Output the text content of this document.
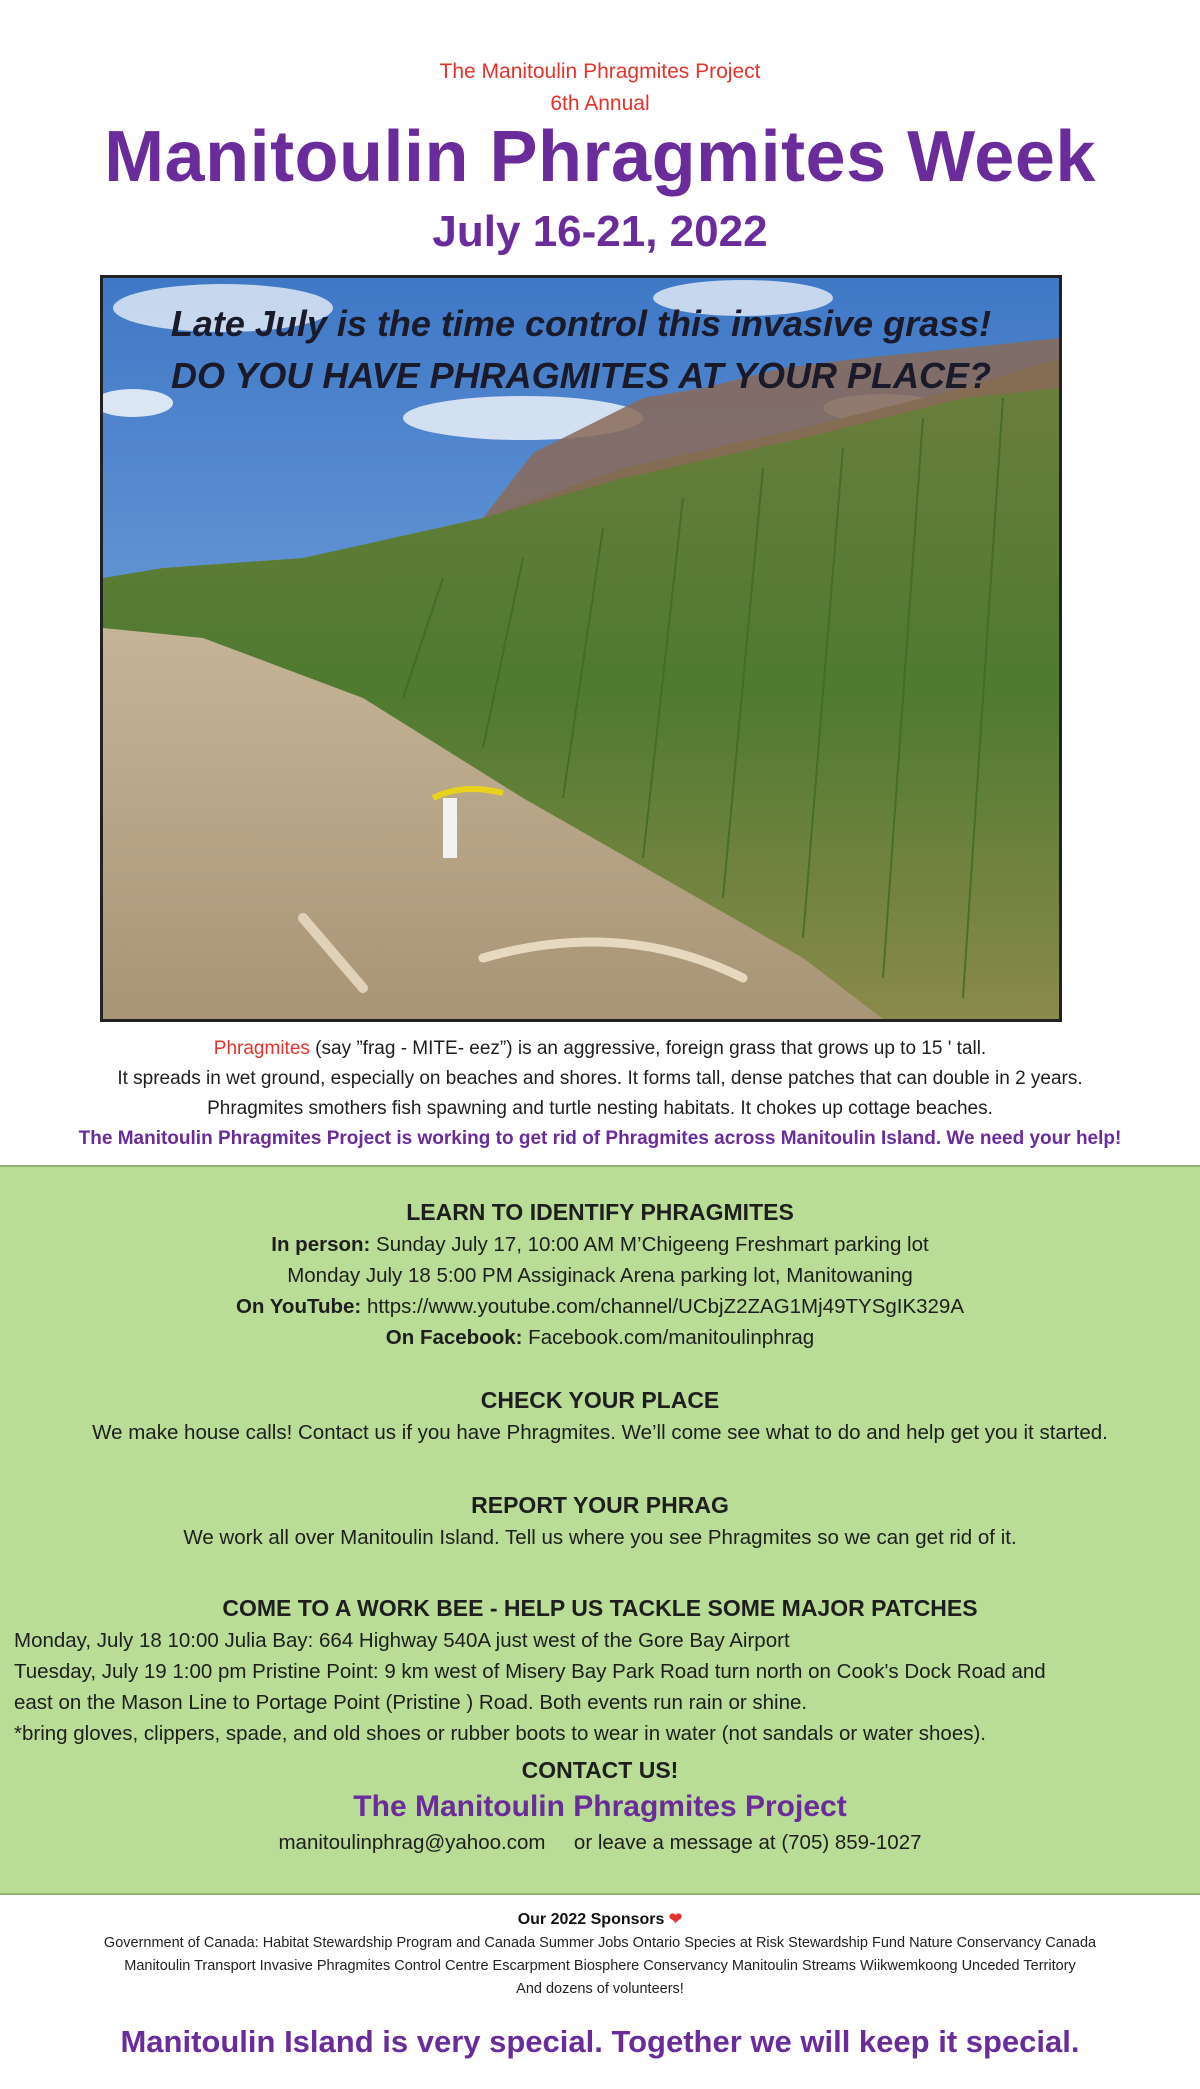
The Manitoulin Phragmites Project
6th Annual
Manitoulin Phragmites Week
July 16-21, 2022
Late July is the time control this invasive grass!
DO YOU HAVE PHRAGMITES AT YOUR PLACE?
Phragmites (say ”frag - MITE- eez”) is an aggressive, foreign grass that grows up to 15 ' tall.
It spreads in wet ground, especially on beaches and shores. It forms tall, dense patches that can double in 2 years.
Phragmites smothers fish spawning and turtle nesting habitats. It chokes up cottage beaches.
The Manitoulin Phragmites Project is working to get rid of Phragmites across Manitoulin Island. We need your help!
LEARN TO IDENTIFY PHRAGMITES
In person: Sunday July 17, 10:00 AM M’Chigeeng Freshmart parking lot
Monday July 18 5:00 PM Assiginack Arena parking lot, Manitowaning
On YouTube: https://www.youtube.com/channel/UCbjZ2ZAG1Mj49TYSgIK329A
On Facebook: Facebook.com/manitoulinphrag
CHECK YOUR PLACE
We make house calls! Contact us if you have Phragmites. We’ll come see what to do and help get you it started.
REPORT YOUR PHRAG
We work all over Manitoulin Island. Tell us where you see Phragmites so we can get rid of it.
COME TO A WORK BEE - HELP US TACKLE SOME MAJOR PATCHES
Monday, July 18 10:00 Julia Bay: 664 Highway 540A just west of the Gore Bay Airport
Tuesday, July 19 1:00 pm Pristine Point: 9 km west of Misery Bay Park Road turn north on Cook's Dock Road and
east on the Mason Line to Portage Point (Pristine ) Road. Both events run rain or shine.
*bring gloves, clippers, spade, and old shoes or rubber boots to wear in water (not sandals or water shoes).
CONTACT US!
The Manitoulin Phragmites Project
manitoulinphrag@yahoo.com or leave a message at (705) 859-1027
Our 2022 Sponsors ❤
Government of Canada: Habitat Stewardship Program and Canada Summer Jobs Ontario Species at Risk Stewardship Fund Nature Conservancy Canada
Manitoulin Transport Invasive Phragmites Control Centre Escarpment Biosphere Conservancy Manitoulin Streams Wiikwemkoong Unceded Territory
And dozens of volunteers!
Manitoulin Island is very special. Together we will keep it special.
